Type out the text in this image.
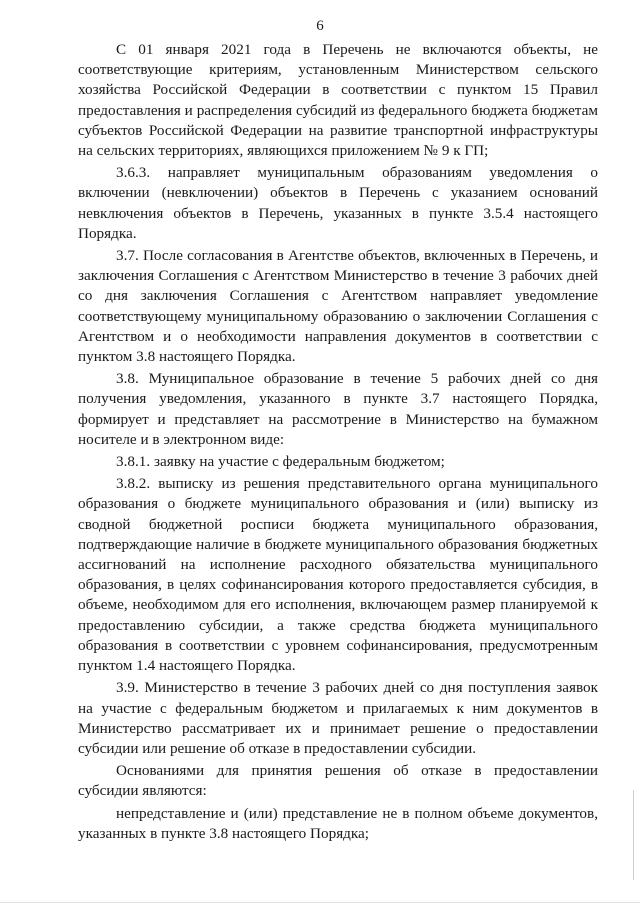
6

С 01 января 2021 года в Перечень не включаются объекты, не соответствующие критериям, установленным Министерством сельского хозяйства Российской Федерации в соответствии с пунктом 15 Правил предоставления и распределения субсидий из федерального бюджета бюджетам субъектов Российской Федерации на развитие транспортной инфраструктуры на сельских территориях, являющихся приложением № 9 к ГП;

3.6.3. направляет муниципальным образованиям уведомления о включении (невключении) объектов в Перечень с указанием оснований невключения объектов в Перечень, указанных в пункте 3.5.4 настоящего Порядка.

3.7. После согласования в Агентстве объектов, включенных в Перечень, и заключения Соглашения с Агентством Министерство в течение 3 рабочих дней со дня заключения Соглашения с Агентством направляет уведомление соответствующему муниципальному образованию о заключении Соглашения с Агентством и о необходимости направления документов в соответствии с пунктом 3.8 настоящего Порядка.

3.8. Муниципальное образование в течение 5 рабочих дней со дня получения уведомления, указанного в пункте 3.7 настоящего Порядка, формирует и представляет на рассмотрение в Министерство на бумажном носителе и в электронном виде:

3.8.1. заявку на участие с федеральным бюджетом;

3.8.2. выписку из решения представительного органа муниципального образования о бюджете муниципального образования и (или) выписку из сводной бюджетной росписи бюджета муниципального образования, подтверждающие наличие в бюджете муниципального образования бюджетных ассигнований на исполнение расходного обязательства муниципального образования, в целях софинансирования которого предоставляется субсидия, в объеме, необходимом для его исполнения, включающем размер планируемой к предоставлению субсидии, а также средства бюджета муниципального образования в соответствии с уровнем софинансирования, предусмотренным пунктом 1.4 настоящего Порядка.

3.9. Министерство в течение 3 рабочих дней со дня поступления заявок на участие с федеральным бюджетом и прилагаемых к ним документов в Министерство рассматривает их и принимает решение о предоставлении субсидии или решение об отказе в предоставлении субсидии.

Основаниями для принятия решения об отказе в предоставлении субсидии являются:

непредставление и (или) представление не в полном объеме документов, указанных в пункте 3.8 настоящего Порядка;
